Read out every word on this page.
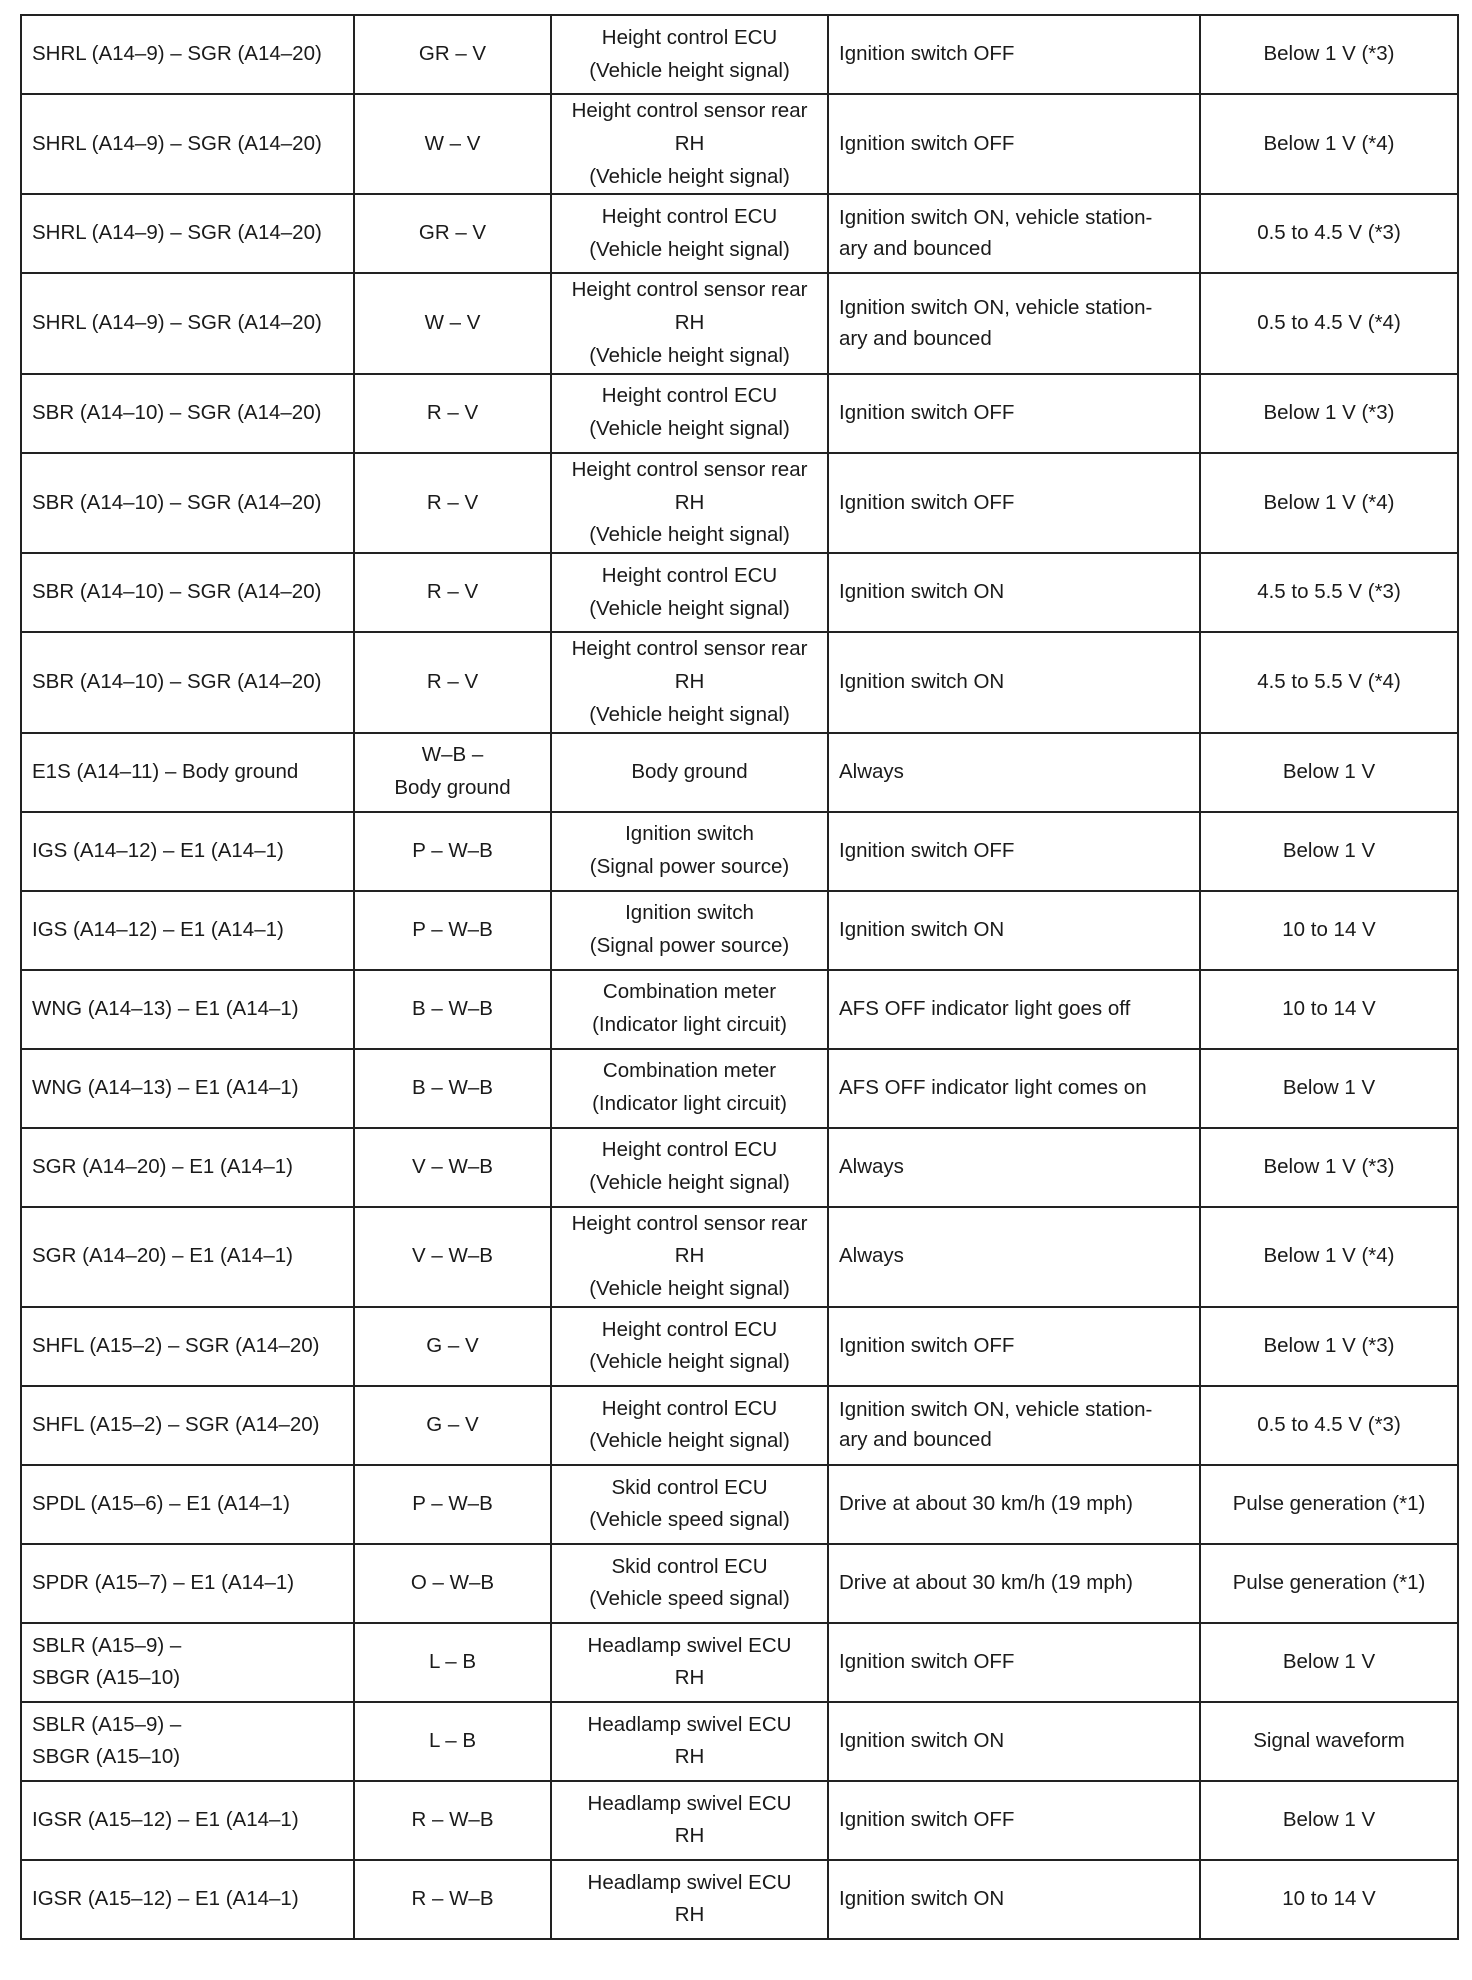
SHRL (A14–9) – SGR (A14–20)	GR – V	Height control ECU
(Vehicle height signal)	Ignition switch OFF	Below 1 V (*3)

SHRL (A14–9) – SGR (A14–20)	W – V	Height control sensor rear
RH
(Vehicle height signal)	Ignition switch OFF	Below 1 V (*4)

SHRL (A14–9) – SGR (A14–20)	GR – V	Height control ECU
(Vehicle height signal)	Ignition switch ON, vehicle station-
ary and bounced	0.5 to 4.5 V (*3)

SHRL (A14–9) – SGR (A14–20)	W – V	Height control sensor rear
RH
(Vehicle height signal)	Ignition switch ON, vehicle station-
ary and bounced	0.5 to 4.5 V (*4)

SBR (A14–10) – SGR (A14–20)	R – V	Height control ECU
(Vehicle height signal)	Ignition switch OFF	Below 1 V (*3)

SBR (A14–10) – SGR (A14–20)	R – V	Height control sensor rear
RH
(Vehicle height signal)	Ignition switch OFF	Below 1 V (*4)

SBR (A14–10) – SGR (A14–20)	R – V	Height control ECU
(Vehicle height signal)	Ignition switch ON	4.5 to 5.5 V (*3)

SBR (A14–10) – SGR (A14–20)	R – V	Height control sensor rear
RH
(Vehicle height signal)	Ignition switch ON	4.5 to 5.5 V (*4)

E1S (A14–11) – Body ground	W–B –
Body ground	Body ground	Always	Below 1 V

IGS (A14–12) – E1 (A14–1)	P – W–B	Ignition switch
(Signal power source)	Ignition switch OFF	Below 1 V

IGS (A14–12) – E1 (A14–1)	P – W–B	Ignition switch
(Signal power source)	Ignition switch ON	10 to 14 V

WNG (A14–13) – E1 (A14–1)	B – W–B	Combination meter
(Indicator light circuit)	AFS OFF indicator light goes off	10 to 14 V

WNG (A14–13) – E1 (A14–1)	B – W–B	Combination meter
(Indicator light circuit)	AFS OFF indicator light comes on	Below 1 V

SGR (A14–20) – E1 (A14–1)	V – W–B	Height control ECU
(Vehicle height signal)	Always	Below 1 V (*3)

SGR (A14–20) – E1 (A14–1)	V – W–B	Height control sensor rear
RH
(Vehicle height signal)	Always	Below 1 V (*4)

SHFL (A15–2) – SGR (A14–20)	G – V	Height control ECU
(Vehicle height signal)	Ignition switch OFF	Below 1 V (*3)

SHFL (A15–2) – SGR (A14–20)	G – V	Height control ECU
(Vehicle height signal)	Ignition switch ON, vehicle station-
ary and bounced	0.5 to 4.5 V (*3)

SPDL (A15–6) – E1 (A14–1)	P – W–B	Skid control ECU
(Vehicle speed signal)	Drive at about 30 km/h (19 mph)	Pulse generation (*1)

SPDR (A15–7) – E1 (A14–1)	O – W–B	Skid control ECU
(Vehicle speed signal)	Drive at about 30 km/h (19 mph)	Pulse generation (*1)

SBLR (A15–9) –
SBGR (A15–10)	L – B	Headlamp swivel ECU
RH	Ignition switch OFF	Below 1 V

SBLR (A15–9) –
SBGR (A15–10)	L – B	Headlamp swivel ECU
RH	Ignition switch ON	Signal waveform

IGSR (A15–12) – E1 (A14–1)	R – W–B	Headlamp swivel ECU
RH	Ignition switch OFF	Below 1 V

IGSR (A15–12) – E1 (A14–1)	R – W–B	Headlamp swivel ECU
RH	Ignition switch ON	10 to 14 V
